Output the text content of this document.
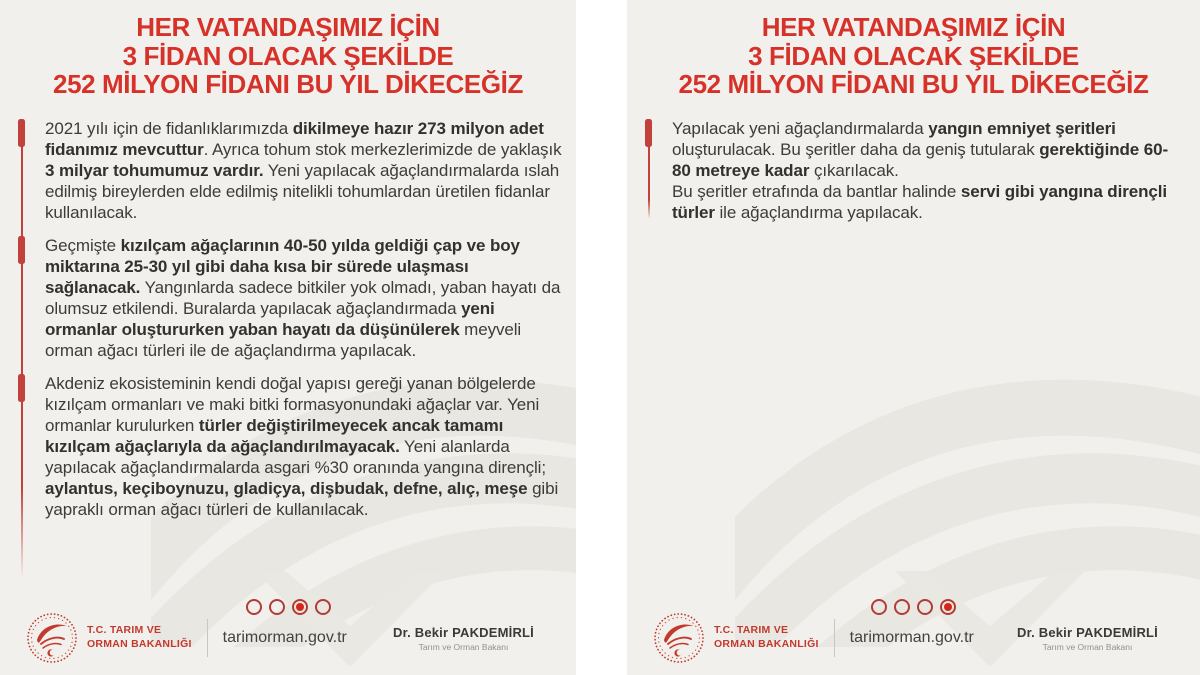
HER VATANDAŞIMIZ İÇİN
3 FİDAN OLACAK ŞEKİLDE
252 MİLYON FİDANI BU YIL DİKECEĞİZ

2021 yılı için de fidanlıklarımızda dikilmeye hazır 273 milyon adet fidanımız mevcuttur. Ayrıca tohum stok merkezlerimizde de yaklaşık 3 milyar tohumumuz vardır. Yeni yapılacak ağaçlandırmalarda ıslah edilmiş bireylerden elde edilmiş nitelikli tohumlardan üretilen fidanlar kullanılacak.

Geçmişte kızılçam ağaçlarının 40-50 yılda geldiği çap ve boy miktarına 25-30 yıl gibi daha kısa bir sürede ulaşması sağlanacak. Yangınlarda sadece bitkiler yok olmadı, yaban hayatı da olumsuz etkilendi. Buralarda yapılacak ağaçlandırmada yeni ormanlar oluştururken yaban hayatı da düşünülerek meyveli orman ağacı türleri ile de ağaçlandırma yapılacak.

Akdeniz ekosisteminin kendi doğal yapısı gereği yanan bölgelerde kızılçam ormanları ve maki bitki formasyonundaki ağaçlar var. Yeni ormanlar kurulurken türler değiştirilmeyecek ancak tamamı kızılçam ağaçlarıyla da ağaçlandırılmayacak. Yeni alanlarda yapılacak ağaçlandırmalarda asgari %30 oranında yangına dirençli; aylantus, keçiboynuzu, gladiçya, dişbudak, defne, alıç, meşe gibi yapraklı orman ağacı türleri de kullanılacak.

T.C. TARIM VE
ORMAN BAKANLIĞI tarimorman.gov.tr	Dr. Bekir PAKDEMİRLİ
Tarım ve Orman Bakanı
HER VATANDAŞIMIZ İÇİN
3 FİDAN OLACAK ŞEKİLDE
252 MİLYON FİDANI BU YIL DİKECEĞİZ

Yapılacak yeni ağaçlandırmalarda yangın emniyet şeritleri oluşturulacak. Bu şeritler daha da geniş tutularak gerektiğinde 60-80 metreye kadar çıkarılacak.
Bu şeritler etrafında da bantlar halinde servi gibi yangına dirençli türler ile ağaçlandırma yapılacak.

T.C. TARIM VE
ORMAN BAKANLIĞI tarimorman.gov.tr	Dr. Bekir PAKDEMİRLİ
Tarım ve Orman Bakanı
